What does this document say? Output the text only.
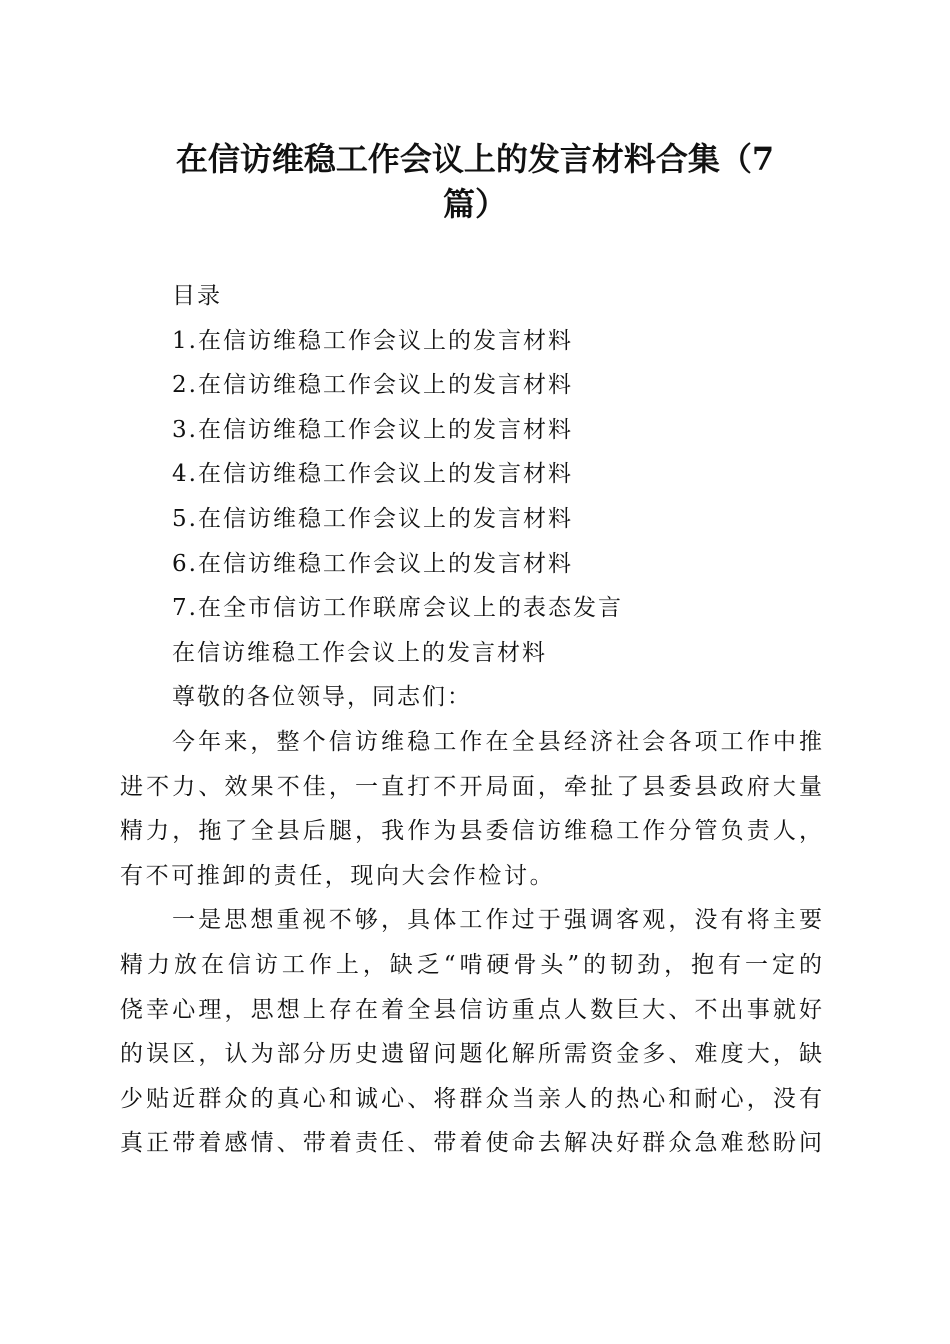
在信访维稳工作会议上的发言材料合集（7
篇）
目录
1.在信访维稳工作会议上的发言材料
2.在信访维稳工作会议上的发言材料
3.在信访维稳工作会议上的发言材料
4.在信访维稳工作会议上的发言材料
5.在信访维稳工作会议上的发言材料
6.在信访维稳工作会议上的发言材料
7.在全市信访工作联席会议上的表态发言
在信访维稳工作会议上的发言材料
尊敬的各位领导，同志们：
今年来，整个信访维稳工作在全县经济社会各项工作中推
进不力、效果不佳，一直打不开局面，牵扯了县委县政府大量
精力，拖了全县后腿，我作为县委信访维稳工作分管负责人，
有不可推卸的责任，现向大会作检讨。
一是思想重视不够，具体工作过于强调客观，没有将主要
精力放在信访工作上，缺乏“啃硬骨头”的韧劲，抱有一定的
侥幸心理，思想上存在着全县信访重点人数巨大、不出事就好
的误区，认为部分历史遗留问题化解所需资金多、难度大，缺
少贴近群众的真心和诚心、将群众当亲人的热心和耐心，没有
真正带着感情、带着责任、带着使命去解决好群众急难愁盼问
